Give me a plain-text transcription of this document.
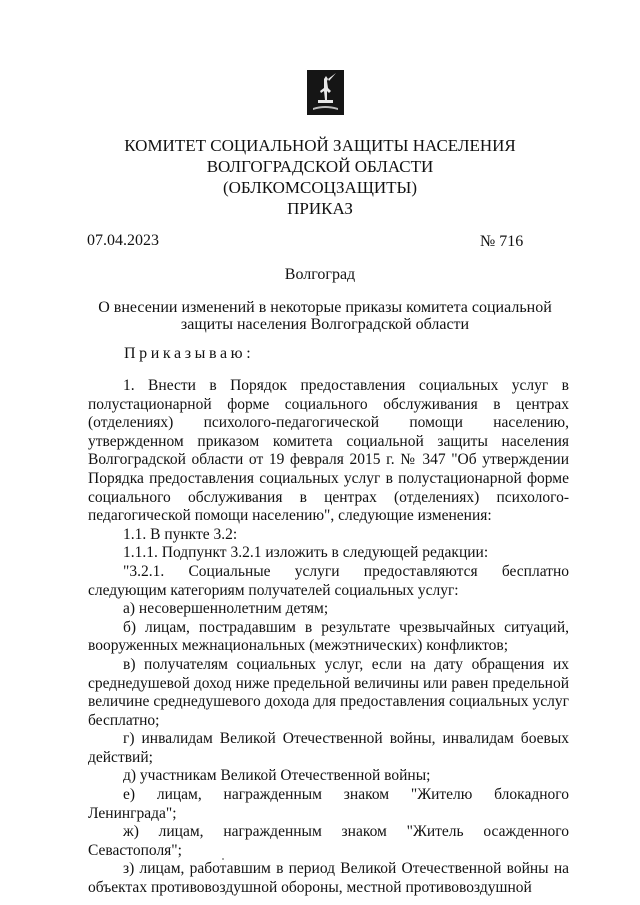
КОМИТЕТ СОЦИАЛЬНОЙ ЗАЩИТЫ НАСЕЛЕНИЯ
ВОЛГОГРАДСКОЙ ОБЛАСТИ
(ОБЛКОМСОЦЗАЩИТЫ)
ПРИКАЗ
07.04.2023	№ 716
Волгоград
О внесении изменений в некоторые приказы комитета социальной защиты населения Волгоградской области
Приказываю:

1. Внести в Порядок предоставления социальных услуг в полустационарной форме социального обслуживания в центрах (отделениях) психолого-педагогической помощи населению, утвержденном приказом комитета социальной защиты населения Волгоградской области от 19 февраля 2015 г. № 347 "Об утверждении Порядка предоставления социальных услуг в полустационарной форме социального обслуживания в центрах (отделениях) психолого-педагогической помощи населению", следующие изменения:

1.1. В пункте 3.2:

1.1.1. Подпункт 3.2.1 изложить в следующей редакции:

"3.2.1. Социальные услуги предоставляются бесплатно следующим категориям получателей социальных услуг:

а) несовершеннолетним детям;

б) лицам, пострадавшим в результате чрезвычайных ситуаций, вооруженных межнациональных (межэтнических) конфликтов;

в) получателям социальных услуг, если на дату обращения их среднедушевой доход ниже предельной величины или равен предельной величине среднедушевого дохода для предоставления социальных услуг бесплатно;

г) инвалидам Великой Отечественной войны, инвалидам боевых действий;

д) участникам Великой Отечественной войны;

е) лицам, награжденным знаком "Жителю блокадного Ленинграда";

ж) лицам, награжденным знаком "Житель осажденного Севастополя";

з) лицам, работавшим в период Великой Отечественной войны на объектах противовоздушной обороны, местной противовоздушной
